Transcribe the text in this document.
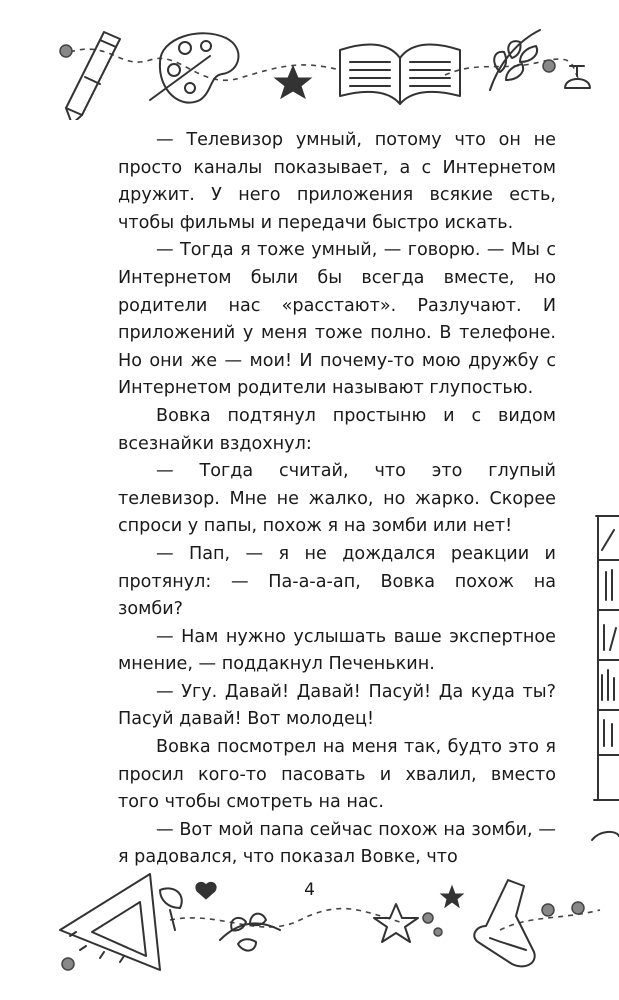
— Телевизор умный, потому что он не просто каналы показывает, а с Интернетом дружит. У него приложения всякие есть, чтобы фильмы и передачи быстро искать.

— Тогда я тоже умный, — говорю. — Мы с Интернетом были бы всегда вместе, но родители нас «расстают». Разлучают. И приложений у меня тоже полно. В телефоне. Но они же — мои! И почему-то мою дружбу с Интернетом родители называют глупостью.

Вовка подтянул простыню и с видом всезнайки вздохнул:

— Тогда считай, что это глупый телевизор. Мне не жалко, но жарко. Скорее спроси у папы, похож я на зомби или нет!

— Пап, — я не дождался реакции и протянул: — Па-а-а-ап, Вовка похож на зомби?

— Нам нужно услышать ваше экспертное мнение, — поддакнул Печенькин.

— Угу. Давай! Давай! Пасуй! Да куда ты? Пасуй давай! Вот молодец!

Вовка посмотрел на меня так, будто это я просил кого-то пасовать и хвалил, вместо того чтобы смотреть на нас.

— Вот мой папа сейчас похож на зомби, — я радовался, что показал Вовке, что

4
